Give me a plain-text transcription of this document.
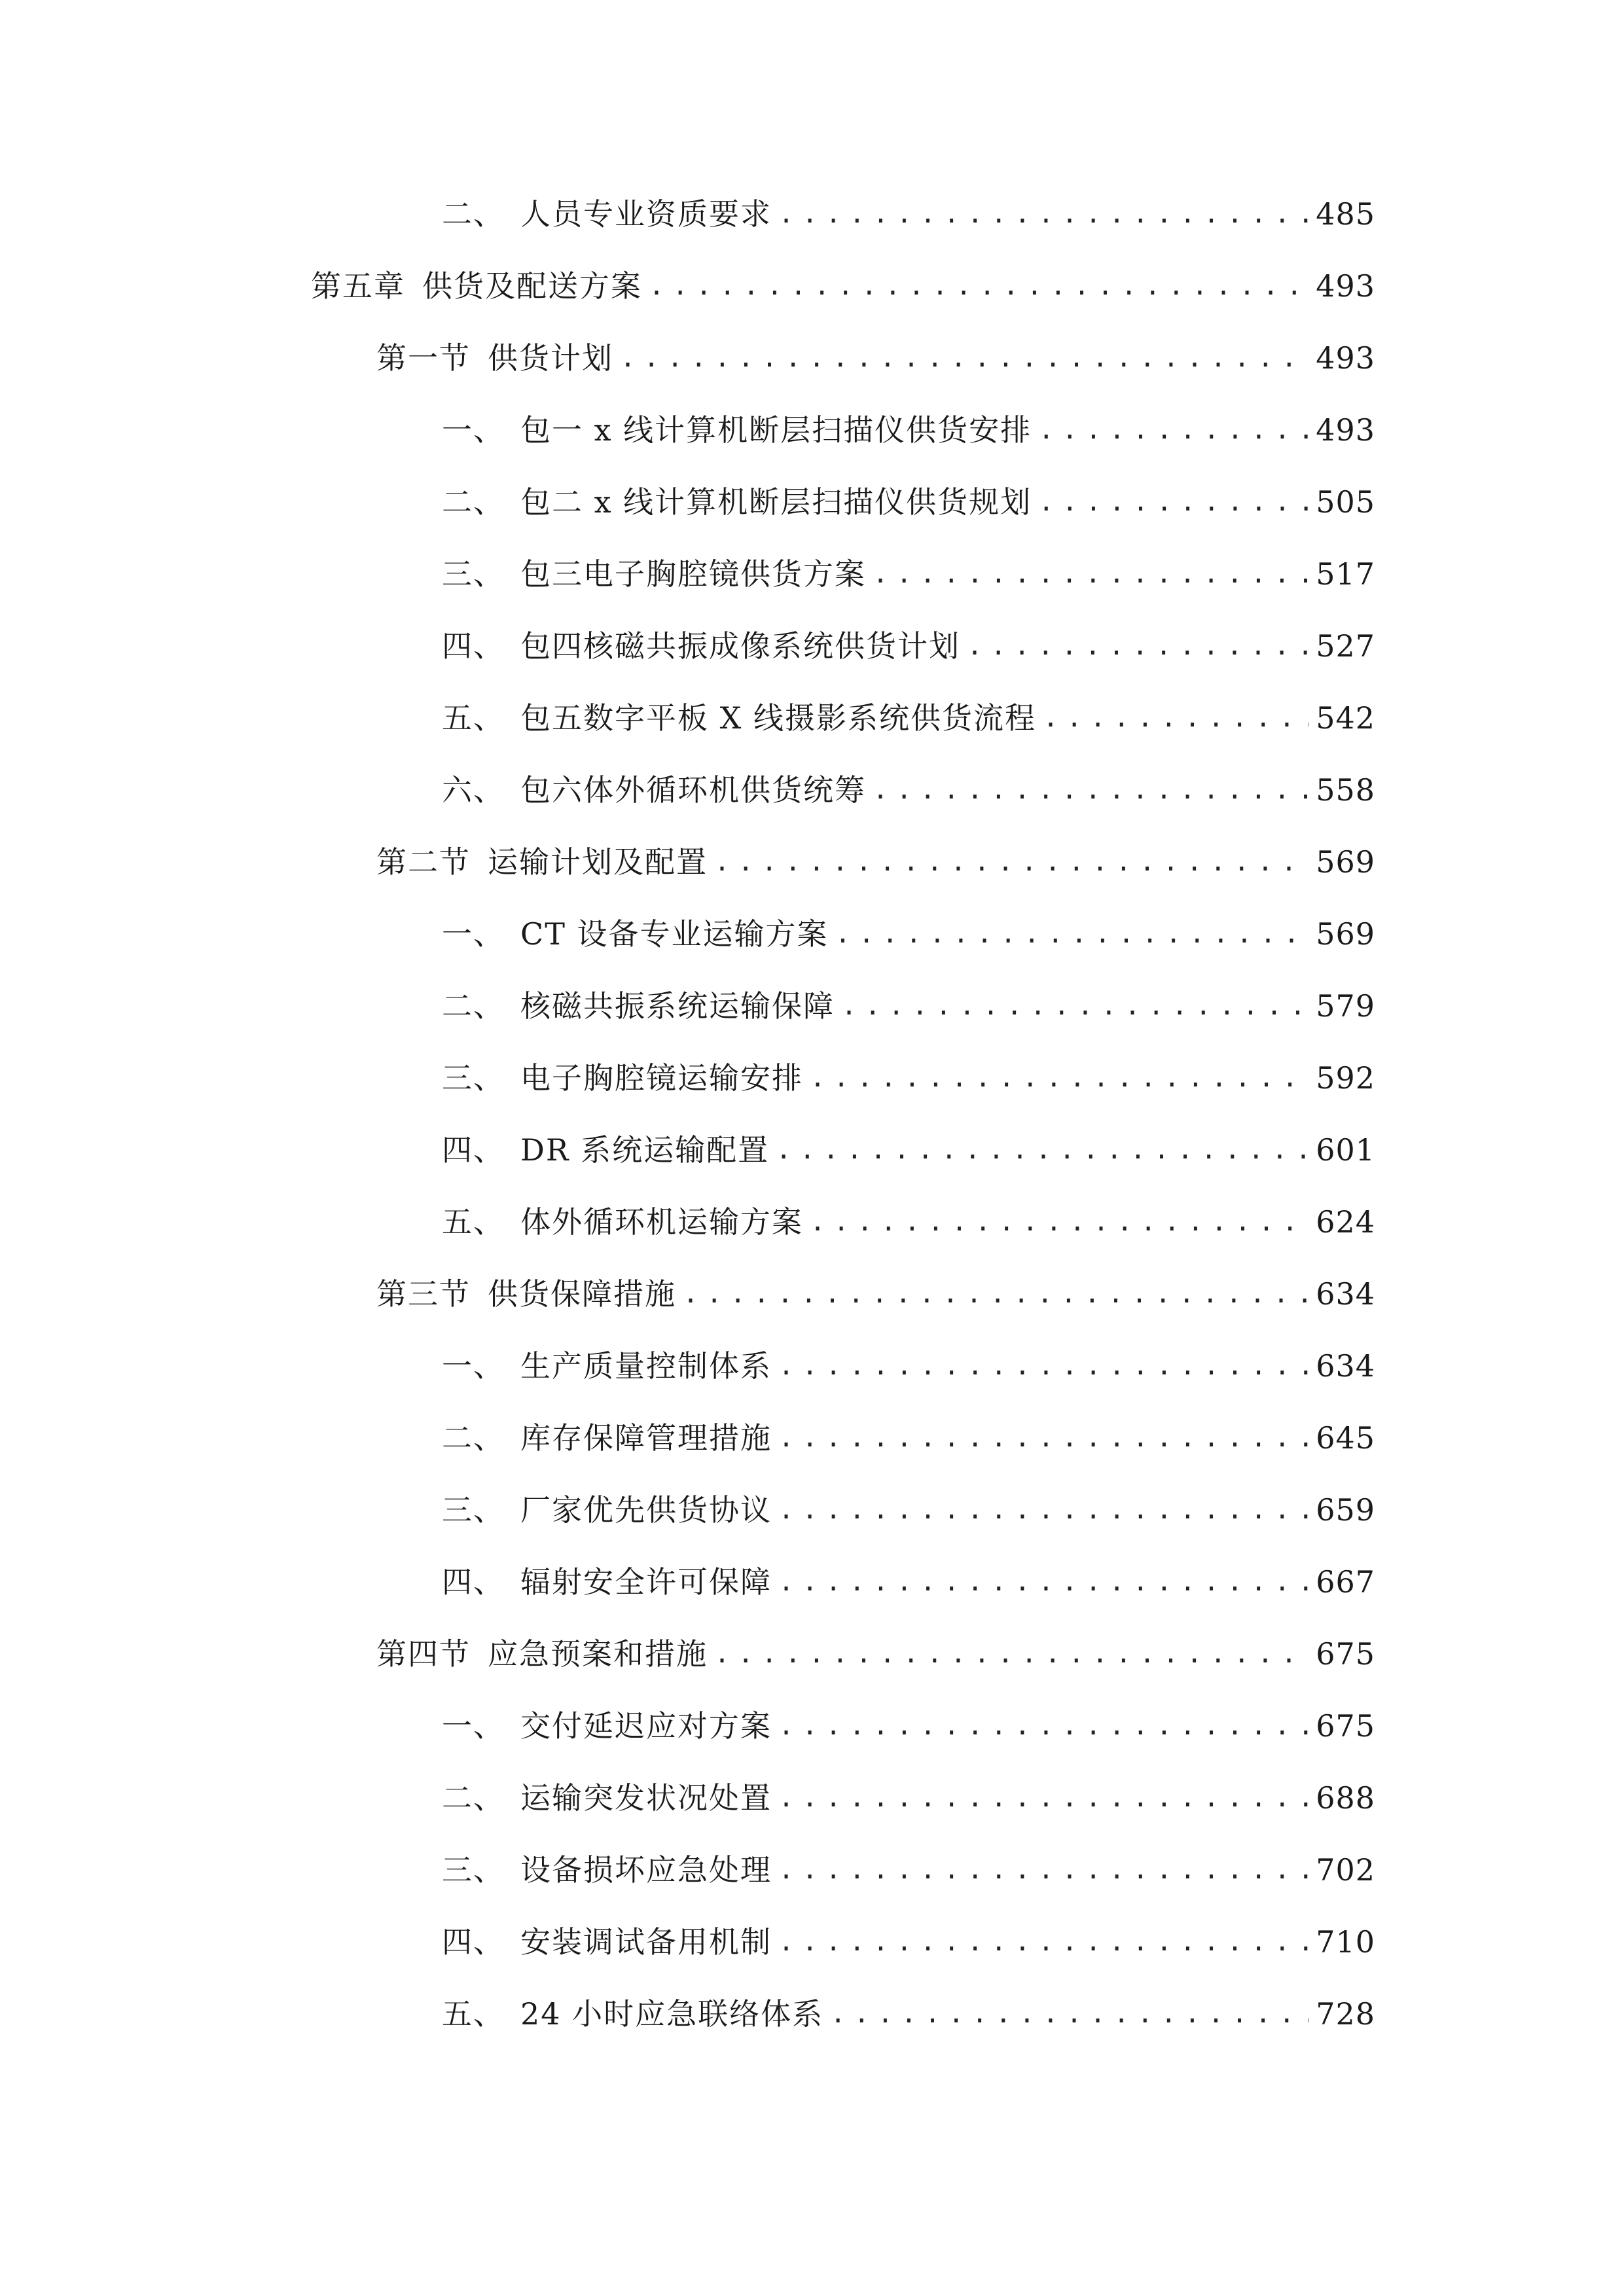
二、 人员专业资质要求 .....	485
第五章 供货及配送方案 .....	493
第一节 供货计划 .....	493
一、 包一 x 线计算机断层扫描仪供货安排 .....	493
二、 包二 x 线计算机断层扫描仪供货规划 .....	505
三、 包三电子胸腔镜供货方案 .....	517
四、 包四核磁共振成像系统供货计划 .....	527
五、 包五数字平板 X 线摄影系统供货流程 .....	542
六、 包六体外循环机供货统筹 .....	558
第二节 运输计划及配置 .....	569
一、 CT 设备专业运输方案 .....	569
二、 核磁共振系统运输保障 .....	579
三、 电子胸腔镜运输安排 .....	592
四、 DR 系统运输配置 .....	601
五、 体外循环机运输方案 .....	624
第三节 供货保障措施 .....	634
一、 生产质量控制体系 .....	634
二、 库存保障管理措施 .....	645
三、 厂家优先供货协议 .....	659
四、 辐射安全许可保障 .....	667
第四节 应急预案和措施 .....	675
一、 交付延迟应对方案 .....	675
二、 运输突发状况处置 .....	688
三、 设备损坏应急处理 .....	702
四、 安装调试备用机制 .....	710
五、 24 小时应急联络体系 .....	728
